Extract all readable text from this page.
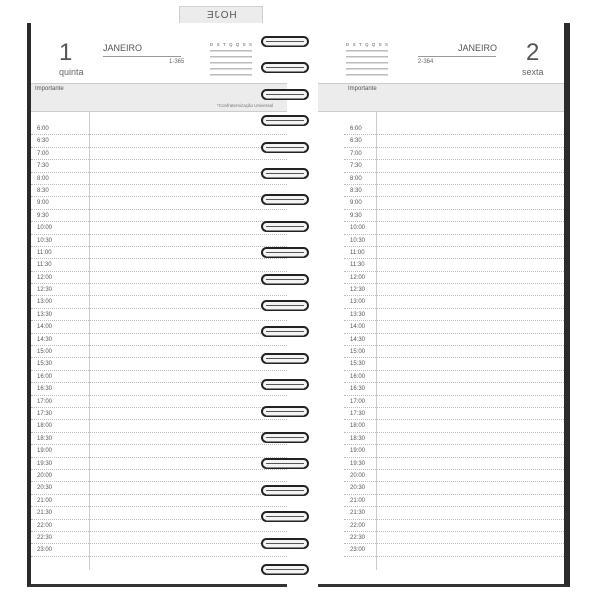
HOJE
1
quinta
JANEIRO
1-365
D S T Q Q S S
Importante
*Confraternização Universal
6:00
6:30
7:00
7:30
8:00
8:30
9:00
9:30
10:00
10:30
11:00
11:30
12:00
12:30
13:00
13:30
14:00
14:30
15:00
15:30
16:00
16:30
17:00
17:30
18:00
18:30
19:00
19:30
20:00
20:30
21:00
21:30
22:00
22:30
23:00
D S T Q Q S S	JANEIRO
2-364	2
sexta
Importante
6:00
6:30
7:00
7:30
8:00
8:30
9:00
9:30
10:00
10:30
11:00
11:30
12:00
12:30
13:00
13:30
14:00
14:30
15:00
15:30
16:00
16:30
17:00
17:30
18:00
18:30
19:00
19:30
20:00
20:30
21:00
21:30
22:00
22:30
23:00
